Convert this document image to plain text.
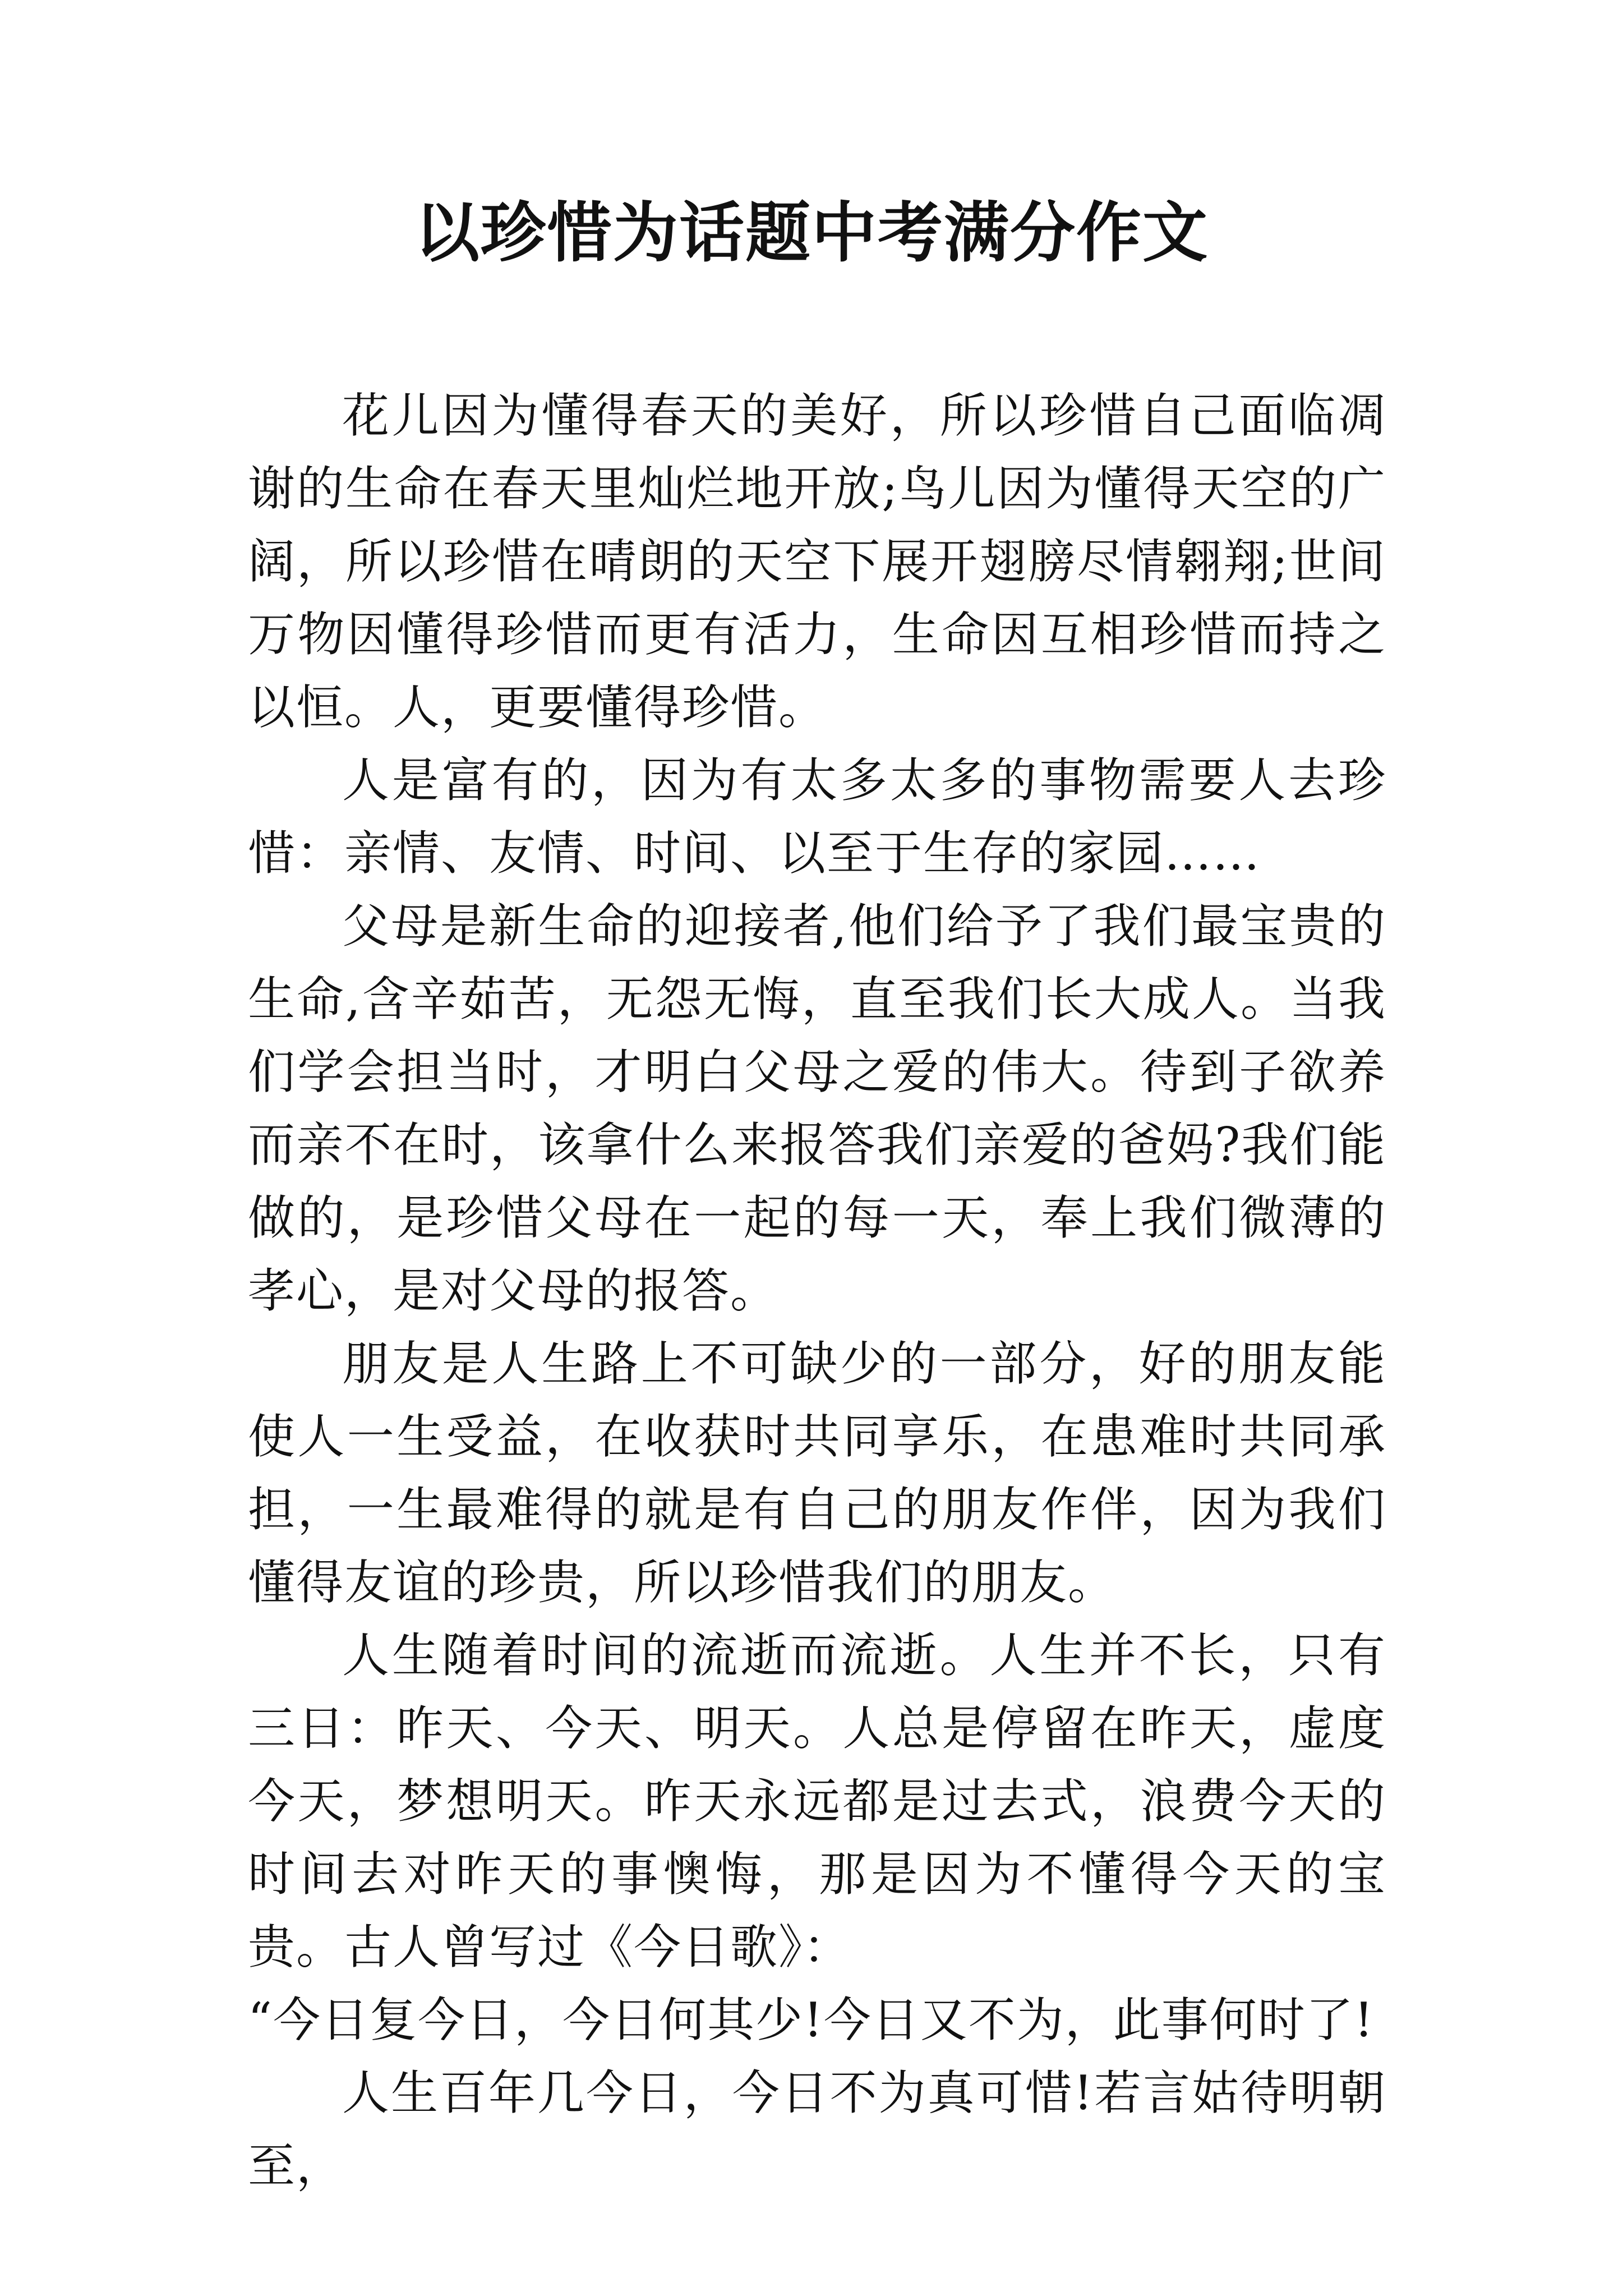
以珍惜为话题中考满分作文

花儿因为懂得春天的美好，所以珍惜自己面临凋谢的生命在春天里灿烂地开放;鸟儿因为懂得天空的广阔，所以珍惜在晴朗的天空下展开翅膀尽情翱翔;世间万物因懂得珍惜而更有活力，生命因互相珍惜而持之以恒。人，更要懂得珍惜。

人是富有的，因为有太多太多的事物需要人去珍惜：亲情、友情、时间、以至于生存的家园……

父母是新生命的迎接者,他们给予了我们最宝贵的生命,含辛茹苦，无怨无悔，直至我们长大成人。当我们学会担当时，才明白父母之爱的伟大。待到子欲养而亲不在时，该拿什么来报答我们亲爱的爸妈?我们能做的，是珍惜父母在一起的每一天，奉上我们微薄的孝心，是对父母的报答。

朋友是人生路上不可缺少的一部分，好的朋友能使人一生受益，在收获时共同享乐，在患难时共同承担，一生最难得的就是有自己的朋友作伴，因为我们懂得友谊的珍贵，所以珍惜我们的朋友。

人生随着时间的流逝而流逝。人生并不长，只有三日：昨天、今天、明天。人总是停留在昨天，虚度今天，梦想明天。昨天永远都是过去式，浪费今天的时间去对昨天的事懊悔，那是因为不懂得今天的宝贵。古人曾写过《今日歌》：

“今日复今日，今日何其少!今日又不为，此事何时了!

人生百年几今日，今日不为真可惜!若言姑待明朝至，
